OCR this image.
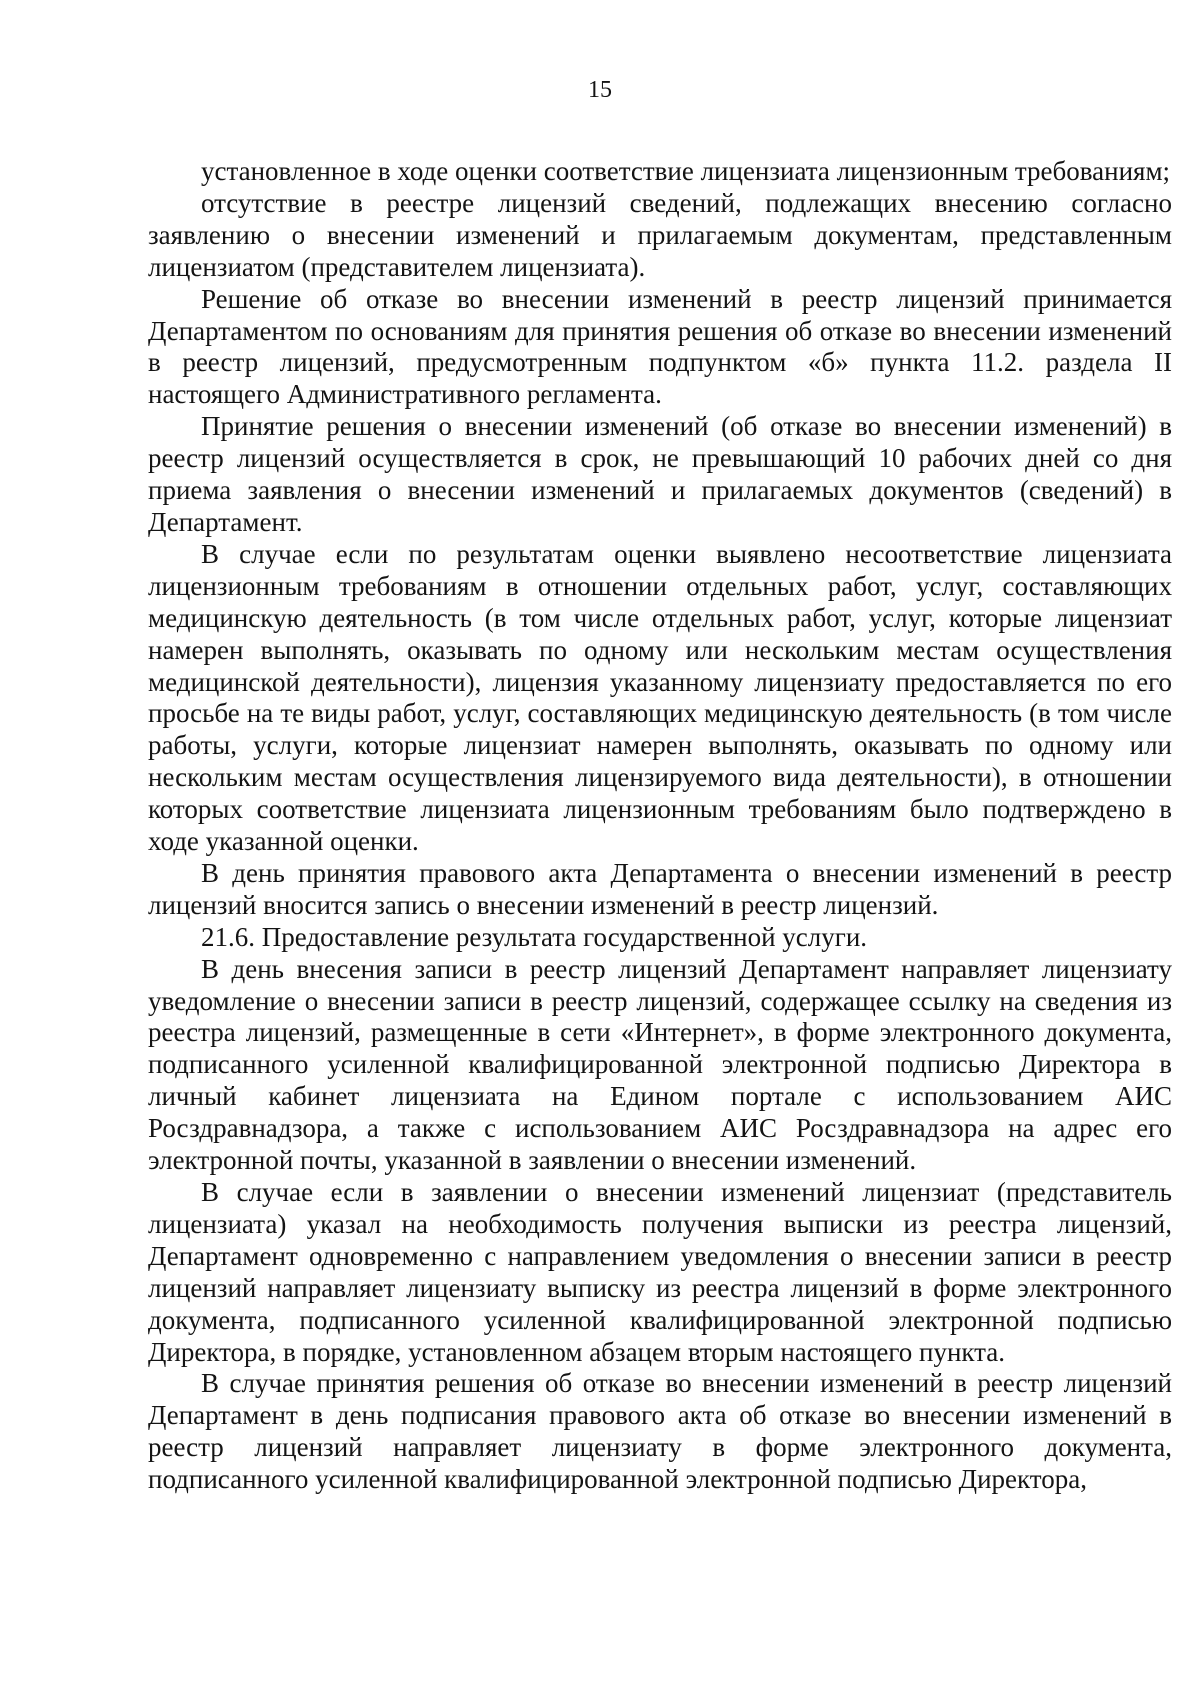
15

установленное в ходе оценки соответствие лицензиата лицензионным требованиям;

отсутствие в реестре лицензий сведений, подлежащих внесению согласно заявлению о внесении изменений и прилагаемым документам, представленным лицензиатом (представителем лицензиата).

Решение об отказе во внесении изменений в реестр лицензий принимается Департаментом по основаниям для принятия решения об отказе во внесении изменений в реестр лицензий, предусмотренным подпунктом «б» пункта 11.2. раздела II настоящего Административного регламента.

Принятие решения о внесении изменений (об отказе во внесении изменений) в реестр лицензий осуществляется в срок, не превышающий 10 рабочих дней со дня приема заявления о внесении изменений и прилагаемых документов (сведений) в Департамент.

В случае если по результатам оценки выявлено несоответствие лицензиата лицензионным требованиям в отношении отдельных работ, услуг, составляющих медицинскую деятельность (в том числе отдельных работ, услуг, которые лицензиат намерен выполнять, оказывать по одному или нескольким местам осуществления медицинской деятельности), лицензия указанному лицензиату предоставляется по его просьбе на те виды работ, услуг, составляющих медицинскую деятельность (в том числе работы, услуги, которые лицензиат намерен выполнять, оказывать по одному или нескольким местам осуществления лицензируемого вида деятельности), в отношении которых соответствие лицензиата лицензионным требованиям было подтверждено в ходе указанной оценки.

В день принятия правового акта Департамента о внесении изменений в реестр лицензий вносится запись о внесении изменений в реестр лицензий.

21.6. Предоставление результата государственной услуги.

В день внесения записи в реестр лицензий Департамент направляет лицензиату уведомление о внесении записи в реестр лицензий, содержащее ссылку на сведения из реестра лицензий, размещенные в сети «Интернет», в форме электронного документа, подписанного усиленной квалифицированной электронной подписью Директора в личный кабинет лицензиата на Едином портале с использованием АИС Росздравнадзора, а также с использованием АИС Росздравнадзора на адрес его электронной почты, указанной в заявлении о внесении изменений.

В случае если в заявлении о внесении изменений лицензиат (представитель лицензиата) указал на необходимость получения выписки из реестра лицензий, Департамент одновременно с направлением уведомления о внесении записи в реестр лицензий направляет лицензиату выписку из реестра лицензий в форме электронного документа, подписанного усиленной квалифицированной электронной подписью Директора, в порядке, установленном абзацем вторым настоящего пункта.

В случае принятия решения об отказе во внесении изменений в реестр лицензий Департамент в день подписания правового акта об отказе во внесении изменений в реестр лицензий направляет лицензиату в форме электронного документа, подписанного усиленной квалифицированной электронной подписью Директора,
